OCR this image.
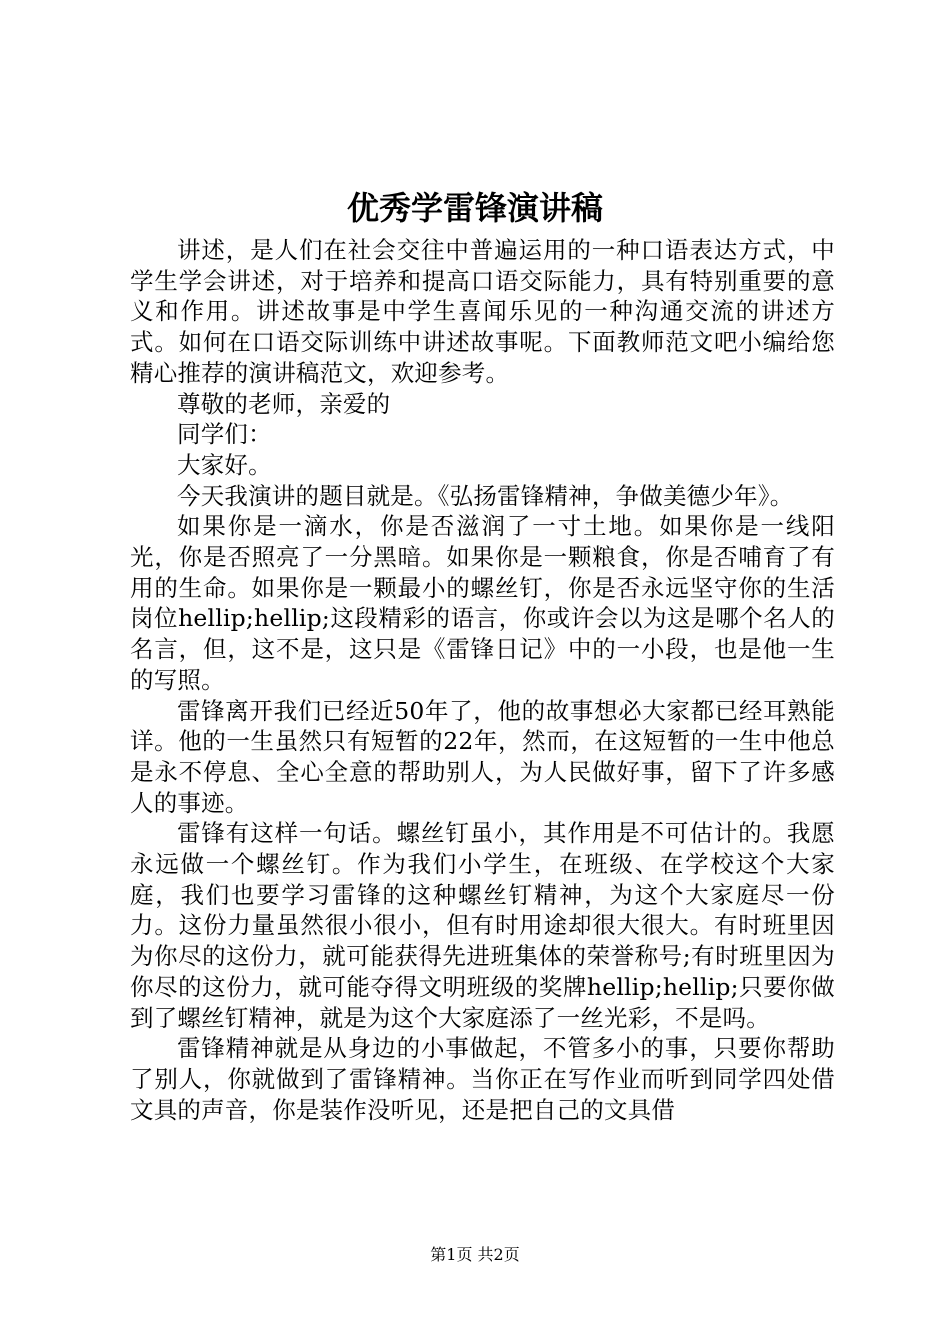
优秀学雷锋演讲稿

讲述，是人们在社会交往中普遍运用的一种口语表达方式，中学生学会讲述，对于培养和提高口语交际能力，具有特别重要的意义和作用。讲述故事是中学生喜闻乐见的一种沟通交流的讲述方式。如何在口语交际训练中讲述故事呢。下面教师范文吧小编给您精心推荐的演讲稿范文，欢迎参考。

尊敬的老师，亲爱的

同学们：

大家好。

今天我演讲的题目就是。《弘扬雷锋精神，争做美德少年》。

如果你是一滴水，你是否滋润了一寸土地。如果你是一线阳光，你是否照亮了一分黑暗。如果你是一颗粮食，你是否哺育了有用的生命。如果你是一颗最小的螺丝钉，你是否永远坚守你的生活岗位hellip;hellip;这段精彩的语言，你或许会以为这是哪个名人的名言，但，这不是，这只是《雷锋日记》中的一小段，也是他一生的写照。

雷锋离开我们已经近50年了，他的故事想必大家都已经耳熟能详。他的一生虽然只有短暂的22年，然而，在这短暂的一生中他总是永不停息、全心全意的帮助别人，为人民做好事，留下了许多感人的事迹。

雷锋有这样一句话。螺丝钉虽小，其作用是不可估计的。我愿永远做一个螺丝钉。作为我们小学生，在班级、在学校这个大家庭，我们也要学习雷锋的这种螺丝钉精神，为这个大家庭尽一份力。这份力量虽然很小很小，但有时用途却很大很大。有时班里因为你尽的这份力，就可能获得先进班集体的荣誉称号;有时班里因为你尽的这份力，就可能夺得文明班级的奖牌hellip;hellip;只要你做到了螺丝钉精神，就是为这个大家庭添了一丝光彩，不是吗。

雷锋精神就是从身边的小事做起，不管多小的事，只要你帮助了别人，你就做到了雷锋精神。当你正在写作业而听到同学四处借文具的声音，你是装作没听见，还是把自己的文具借

第1页 共2页
